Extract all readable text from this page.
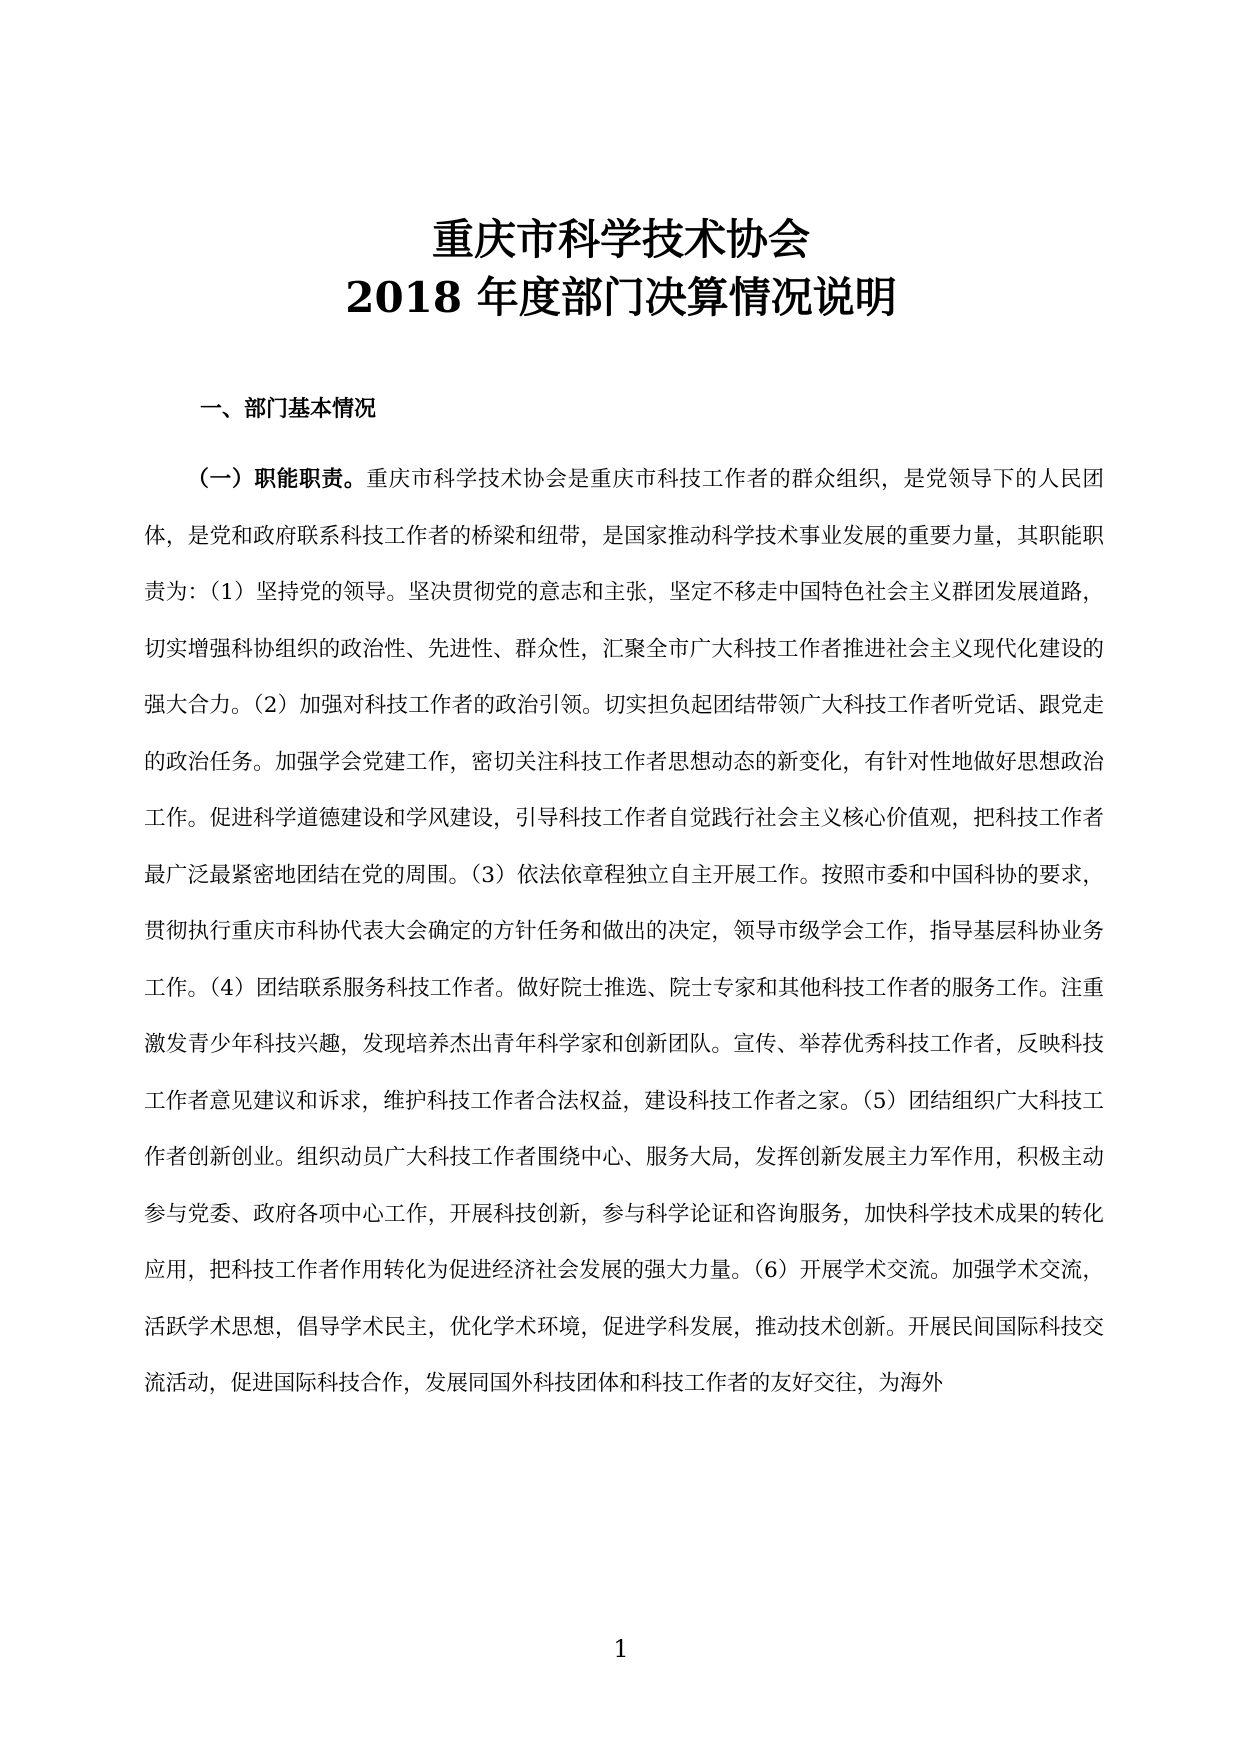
重庆市科学技术协会
2018 年度部门决算情况说明
一、部门基本情况

（一）职能职责。重庆市科学技术协会是重庆市科技工作者的群众组织，是党领导下的人民团体，是党和政府联系科技工作者的桥梁和纽带，是国家推动科学技术事业发展的重要力量，其职能职责为：（1）坚持党的领导。坚决贯彻党的意志和主张，坚定不移走中国特色社会主义群团发展道路，切实增强科协组织的政治性、先进性、群众性，汇聚全市广大科技工作者推进社会主义现代化建设的强大合力。（2）加强对科技工作者的政治引领。切实担负起团结带领广大科技工作者听党话、跟党走的政治任务。加强学会党建工作，密切关注科技工作者思想动态的新变化，有针对性地做好思想政治工作。促进科学道德建设和学风建设，引导科技工作者自觉践行社会主义核心价值观，把科技工作者最广泛最紧密地团结在党的周围。（3）依法依章程独立自主开展工作。按照市委和中国科协的要求，贯彻执行重庆市科协代表大会确定的方针任务和做出的决定，领导市级学会工作，指导基层科协业务工作。（4）团结联系服务科技工作者。做好院士推选、院士专家和其他科技工作者的服务工作。注重激发青少年科技兴趣，发现培养杰出青年科学家和创新团队。宣传、举荐优秀科技工作者，反映科技工作者意见建议和诉求，维护科技工作者合法权益，建设科技工作者之家。（5）团结组织广大科技工作者创新创业。组织动员广大科技工作者围绕中心、服务大局，发挥创新发展主力军作用，积极主动参与党委、政府各项中心工作，开展科技创新，参与科学论证和咨询服务，加快科学技术成果的转化应用，把科技工作者作用转化为促进经济社会发展的强大力量。（6）开展学术交流。加强学术交流，活跃学术思想，倡导学术民主，优化学术环境，促进学科发展，推动技术创新。开展民间国际科技交流活动，促进国际科技合作，发展同国外科技团体和科技工作者的友好交往，为海外

1
